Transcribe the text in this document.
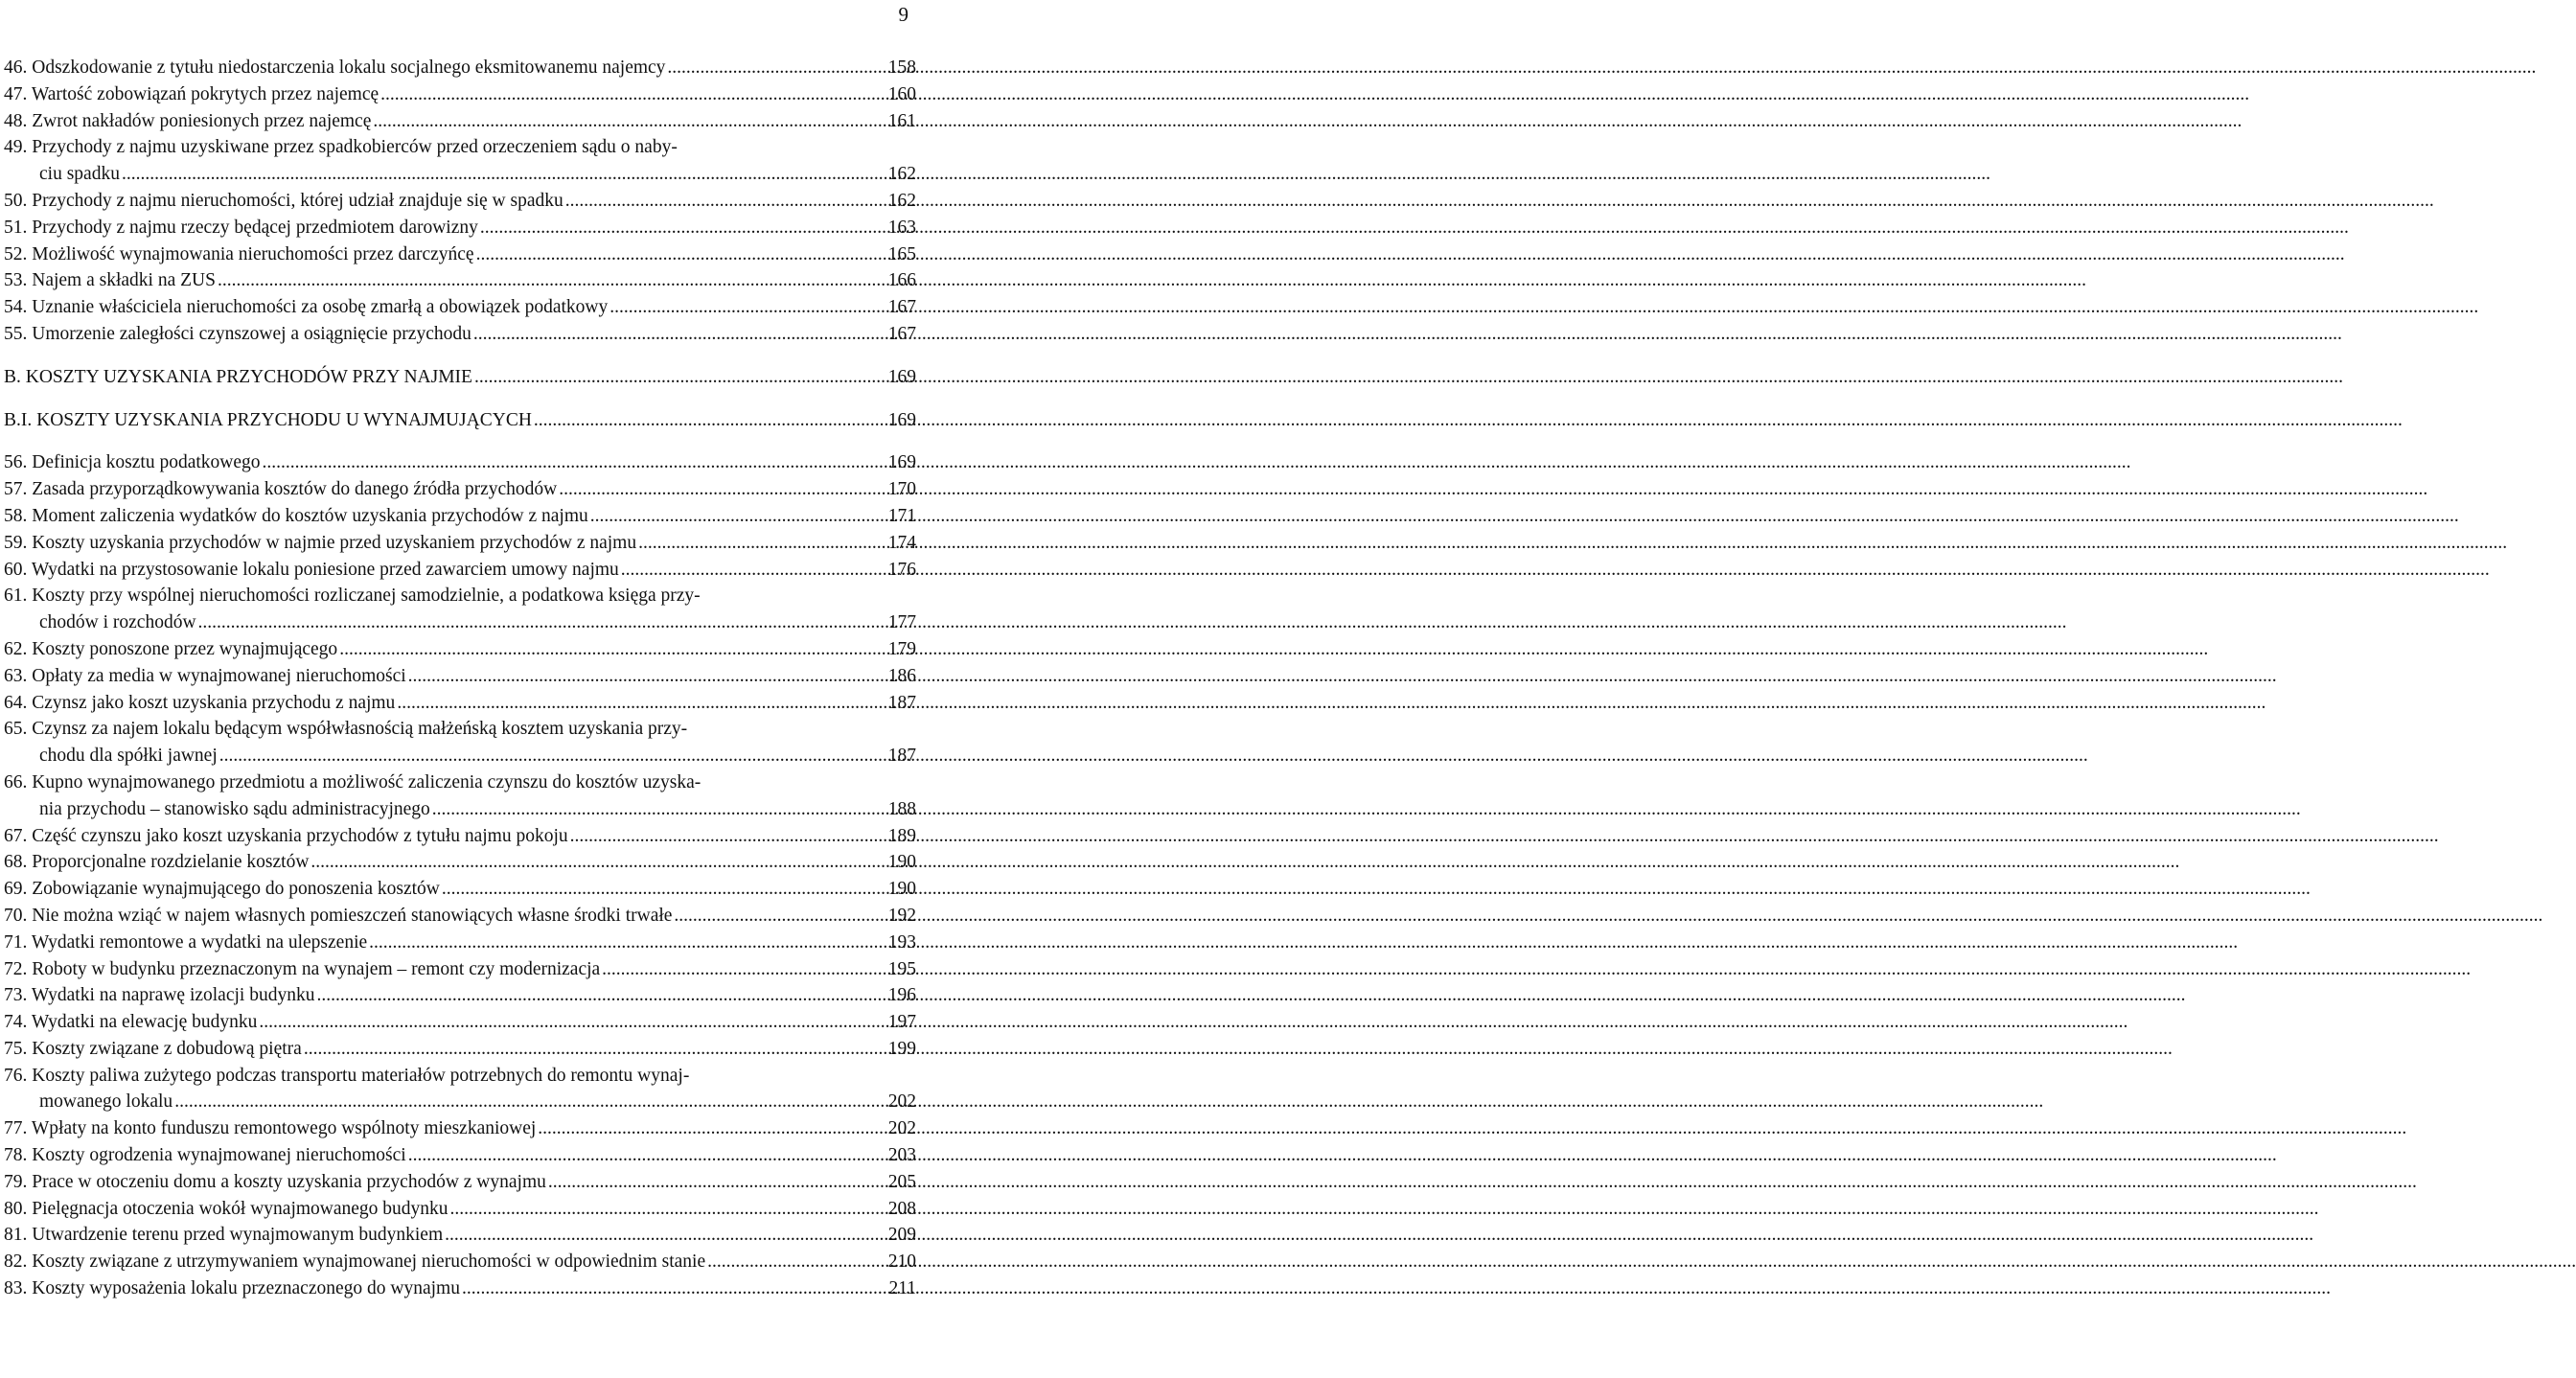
9
46. Odszkodowanie z tytułu niedostarczenia lokalu socjalnego eksmitowanemu najemcy .....	158
47. Wartość zobowiązań pokrytych przez najemcę .....	160
48. Zwrot nakładów poniesionych przez najemcę .....	161
49. Przychody z najmu uzyskiwane przez spadkobierców przed orzeczeniem sądu o naby-
ciu spadku .....	162
50. Przychody z najmu nieruchomości, której udział znajduje się w spadku .....	162
51. Przychody z najmu rzeczy będącej przedmiotem darowizny .....	163
52. Możliwość wynajmowania nieruchomości przez darczyńcę .....	165
53. Najem a składki na ZUS .....	166
54. Uznanie właściciela nieruchomości za osobę zmarłą a obowiązek podatkowy .....	167
55. Umorzenie zaległości czynszowej a osiągnięcie przychodu .....	167
B. KOSZTY UZYSKANIA PRZYCHODÓW PRZY NAJMIE .....	169
B.I. KOSZTY UZYSKANIA PRZYCHODU U WYNAJMUJĄCYCH .....	169
56. Definicja kosztu podatkowego .....	169
57. Zasada przyporządkowywania kosztów do danego źródła przychodów .....	170
58. Moment zaliczenia wydatków do kosztów uzyskania przychodów z najmu .....	171
59. Koszty uzyskania przychodów w najmie przed uzyskaniem przychodów z najmu .....	174
60. Wydatki na przystosowanie lokalu poniesione przed zawarciem umowy najmu .....	176
61. Koszty przy wspólnej nieruchomości rozliczanej samodzielnie, a podatkowa księga przy-
chodów i rozchodów .....	177
62. Koszty ponoszone przez wynajmującego .....	179
63. Opłaty za media w wynajmowanej nieruchomości .....	186
64. Czynsz jako koszt uzyskania przychodu z najmu .....	187
65. Czynsz za najem lokalu będącym współwłasnością małżeńską kosztem uzyskania przy-
chodu dla spółki jawnej .....	187
66. Kupno wynajmowanego przedmiotu a możliwość zaliczenia czynszu do kosztów uzyska-
nia przychodu – stanowisko sądu administracyjnego .....	188
67. Część czynszu jako koszt uzyskania przychodów z tytułu najmu pokoju .....	189
68. Proporcjonalne rozdzielanie kosztów .....	190
69. Zobowiązanie wynajmującego do ponoszenia kosztów .....	190
70. Nie można wziąć w najem własnych pomieszczeń stanowiących własne środki trwałe .....	192
71. Wydatki remontowe a wydatki na ulepszenie .....	193
72. Roboty w budynku przeznaczonym na wynajem – remont czy modernizacja .....	195
73. Wydatki na naprawę izolacji budynku .....	196
74. Wydatki na elewację budynku .....	197
75. Koszty związane z dobudową piętra .....	199
76. Koszty paliwa zużytego podczas transportu materiałów potrzebnych do remontu wynaj-
mowanego lokalu .....	202
77. Wpłaty na konto funduszu remontowego wspólnoty mieszkaniowej .....	202
78. Koszty ogrodzenia wynajmowanej nieruchomości .....	203
79. Prace w otoczeniu domu a koszty uzyskania przychodów z wynajmu .....	205
80. Pielęgnacja otoczenia wokół wynajmowanego budynku .....	208
81. Utwardzenie terenu przed wynajmowanym budynkiem .....	209
82. Koszty związane z utrzymywaniem wynajmowanej nieruchomości w odpowiednim stanie .....	210
83. Koszty wyposażenia lokalu przeznaczonego do wynajmu .....	211
